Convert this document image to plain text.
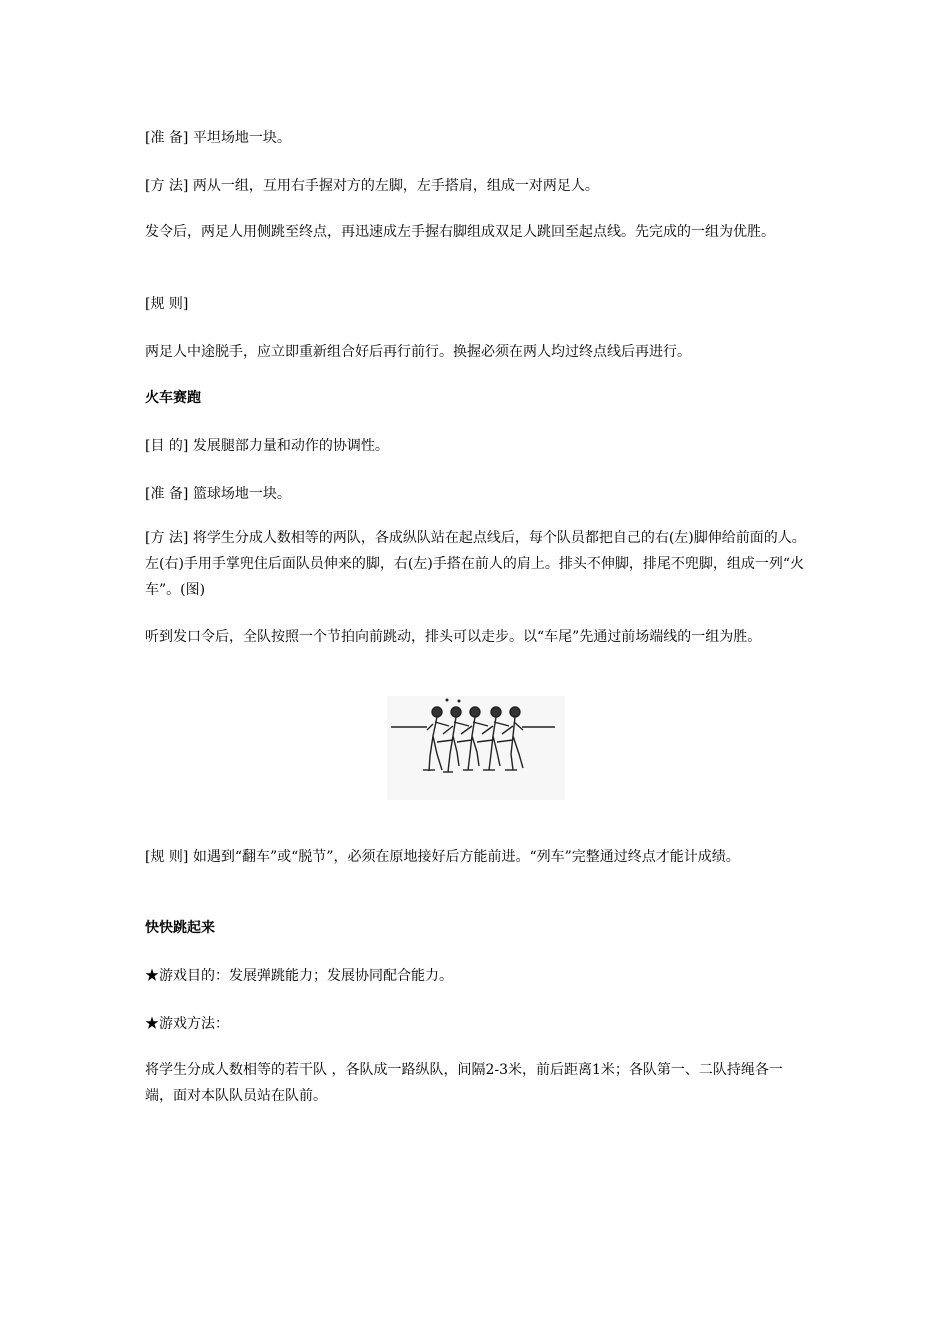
[准 备] 平坦场地一块。

[方 法] 两从一组，互用右手握对方的左脚，左手搭肩，组成一对两足人。

发令后，两足人用侧跳至终点，再迅速成左手握右脚组成双足人跳回至起点线。先完成的一组为优胜。

[规 则]

两足人中途脱手，应立即重新组合好后再行前行。换握必须在两人均过终点线后再进行。

火车赛跑

[目 的] 发展腿部力量和动作的协调性。

[准 备] 篮球场地一块。

[方 法] 将学生分成人数相等的两队，各成纵队站在起点线后，每个队员都把自己的右(左)脚伸给前面的人。左(右)手用手掌兜住后面队员伸来的脚，右(左)手搭在前人的肩上。排头不伸脚，排尾不兜脚，组成一列“火车”。(图)

听到发口令后，全队按照一个节拍向前跳动，排头可以走步。以“车尾”先通过前场端线的一组为胜。

[规 则] 如遇到“翻车”或“脱节”，必须在原地接好后方能前进。“列车”完整通过终点才能计成绩。

快快跳起来

★游戏目的：发展弹跳能力；发展协同配合能力。

★游戏方法：

将学生分成人数相等的若干队 ，各队成一路纵队，间隔2-3米，前后距离1米；各队第一、二队持绳各一端，面对本队队员站在队前。
